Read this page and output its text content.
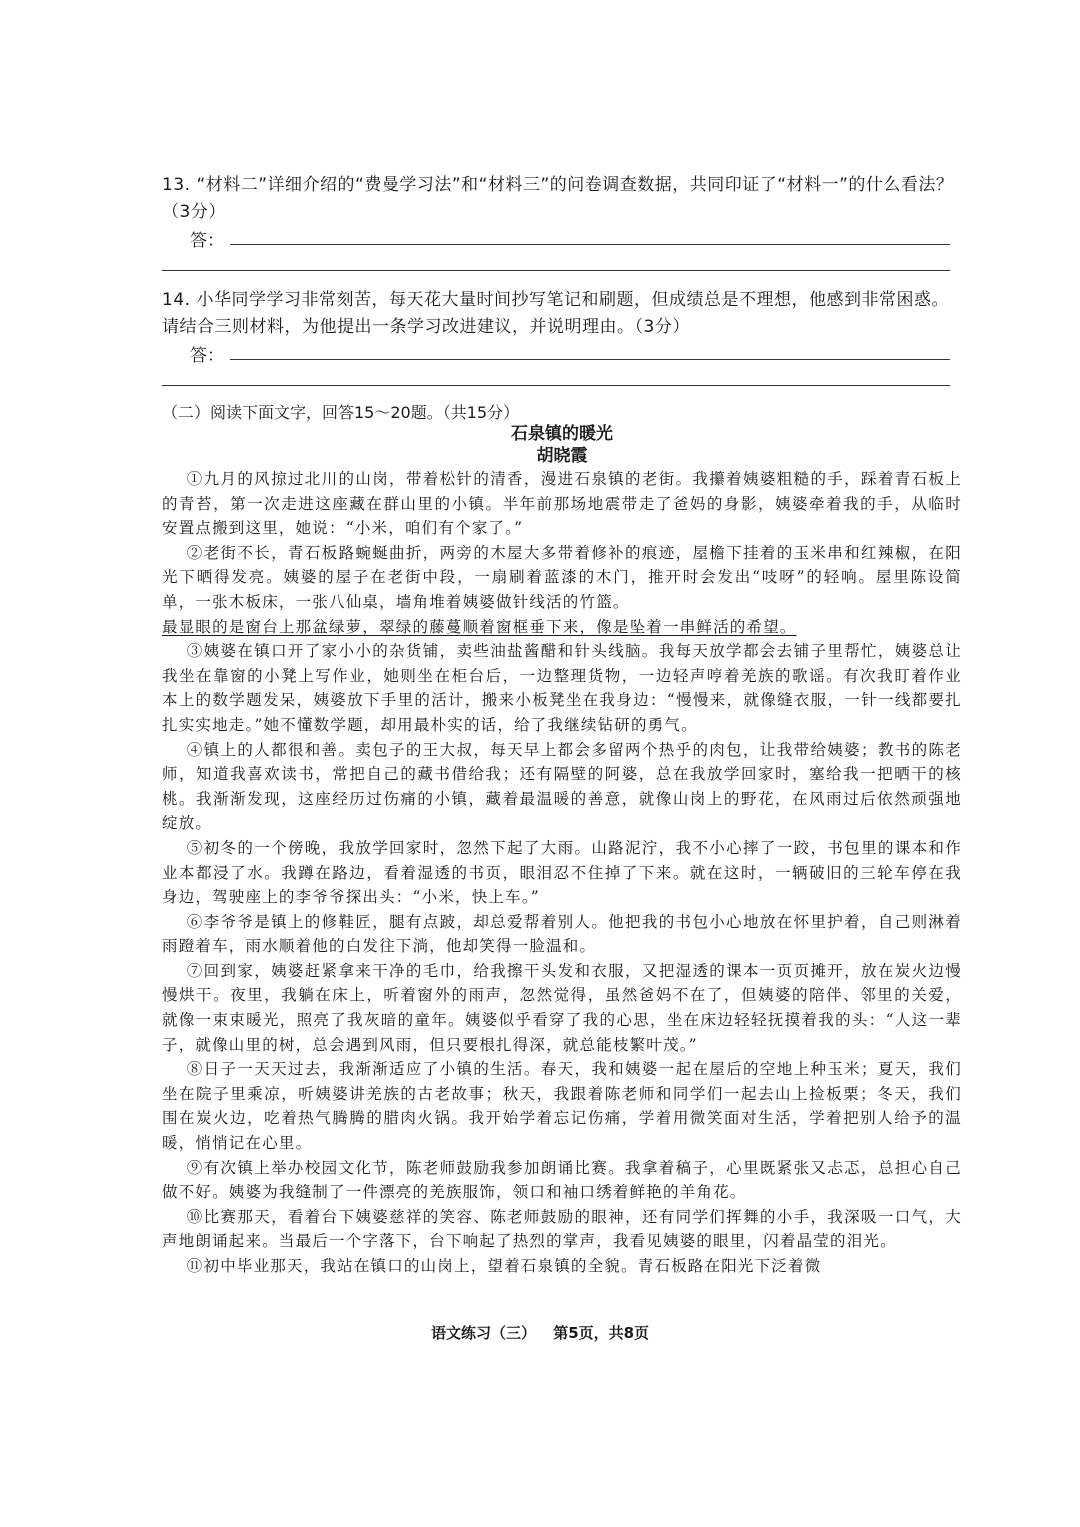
13. “材料二”详细介绍的“费曼学习法”和“材料三”的问卷调查数据，共同印证了“材料一”的什么看法？（3分）
答：
14. 小华同学学习非常刻苦，每天花大量时间抄写笔记和刷题，但成绩总是不理想，他感到非常困惑。请结合三则材料，为他提出一条学习改进建议，并说明理由。（3分）
答：
（二）阅读下面文字，回答15～20题。（共15分）
石泉镇的暖光
胡晓霞

①九月的风掠过北川的山岗，带着松针的清香，漫进石泉镇的老街。我攥着姨婆粗糙的手，踩着青石板上的青苔，第一次走进这座藏在群山里的小镇。半年前那场地震带走了爸妈的身影，姨婆牵着我的手，从临时安置点搬到这里，她说：“小米，咱们有个家了。”

②老街不长，青石板路蜿蜒曲折，两旁的木屋大多带着修补的痕迹，屋檐下挂着的玉米串和红辣椒，在阳光下晒得发亮。姨婆的屋子在老街中段，一扇刷着蓝漆的木门，推开时会发出“吱呀”的轻响。屋里陈设简单，一张木板床，一张八仙桌，墙角堆着姨婆做针线活的竹篮。

最显眼的是窗台上那盆绿萝，翠绿的藤蔓顺着窗框垂下来，像是坠着一串鲜活的希望。

③姨婆在镇口开了家小小的杂货铺，卖些油盐酱醋和针头线脑。我每天放学都会去铺子里帮忙，姨婆总让我坐在靠窗的小凳上写作业，她则坐在柜台后，一边整理货物，一边轻声哼着羌族的歌谣。有次我盯着作业本上的数学题发呆，姨婆放下手里的活计，搬来小板凳坐在我身边：“慢慢来，就像缝衣服，一针一线都要扎扎实实地走。”她不懂数学题，却用最朴实的话，给了我继续钻研的勇气。

④镇上的人都很和善。卖包子的王大叔，每天早上都会多留两个热乎的肉包，让我带给姨婆；教书的陈老师，知道我喜欢读书，常把自己的藏书借给我；还有隔壁的阿婆，总在我放学回家时，塞给我一把晒干的核桃。我渐渐发现，这座经历过伤痛的小镇，藏着最温暖的善意，就像山岗上的野花，在风雨过后依然顽强地绽放。

⑤初冬的一个傍晚，我放学回家时，忽然下起了大雨。山路泥泞，我不小心摔了一跤，书包里的课本和作业本都浸了水。我蹲在路边，看着湿透的书页，眼泪忍不住掉了下来。就在这时，一辆破旧的三轮车停在我身边，驾驶座上的李爷爷探出头：“小米，快上车。”

⑥李爷爷是镇上的修鞋匠，腿有点跛，却总爱帮着别人。他把我的书包小心地放在怀里护着，自己则淋着雨蹬着车，雨水顺着他的白发往下淌，他却笑得一脸温和。

⑦回到家，姨婆赶紧拿来干净的毛巾，给我擦干头发和衣服，又把湿透的课本一页页摊开，放在炭火边慢慢烘干。夜里，我躺在床上，听着窗外的雨声，忽然觉得，虽然爸妈不在了，但姨婆的陪伴、邻里的关爱，就像一束束暖光，照亮了我灰暗的童年。姨婆似乎看穿了我的心思，坐在床边轻轻抚摸着我的头：“人这一辈子，就像山里的树，总会遇到风雨，但只要根扎得深，就总能枝繁叶茂。”

⑧日子一天天过去，我渐渐适应了小镇的生活。春天，我和姨婆一起在屋后的空地上种玉米；夏天，我们坐在院子里乘凉，听姨婆讲羌族的古老故事；秋天，我跟着陈老师和同学们一起去山上捡板栗；冬天，我们围在炭火边，吃着热气腾腾的腊肉火锅。我开始学着忘记伤痛，学着用微笑面对生活，学着把别人给予的温暖，悄悄记在心里。

⑨有次镇上举办校园文化节，陈老师鼓励我参加朗诵比赛。我拿着稿子，心里既紧张又忐忑，总担心自己做不好。姨婆为我缝制了一件漂亮的羌族服饰，领口和袖口绣着鲜艳的羊角花。

⑩比赛那天，看着台下姨婆慈祥的笑容、陈老师鼓励的眼神，还有同学们挥舞的小手，我深吸一口气，大声地朗诵起来。当最后一个字落下，台下响起了热烈的掌声，我看见姨婆的眼里，闪着晶莹的泪光。

⑪初中毕业那天，我站在镇口的山岗上，望着石泉镇的全貌。青石板路在阳光下泛着微

语文练习（三） 第5页，共8页
